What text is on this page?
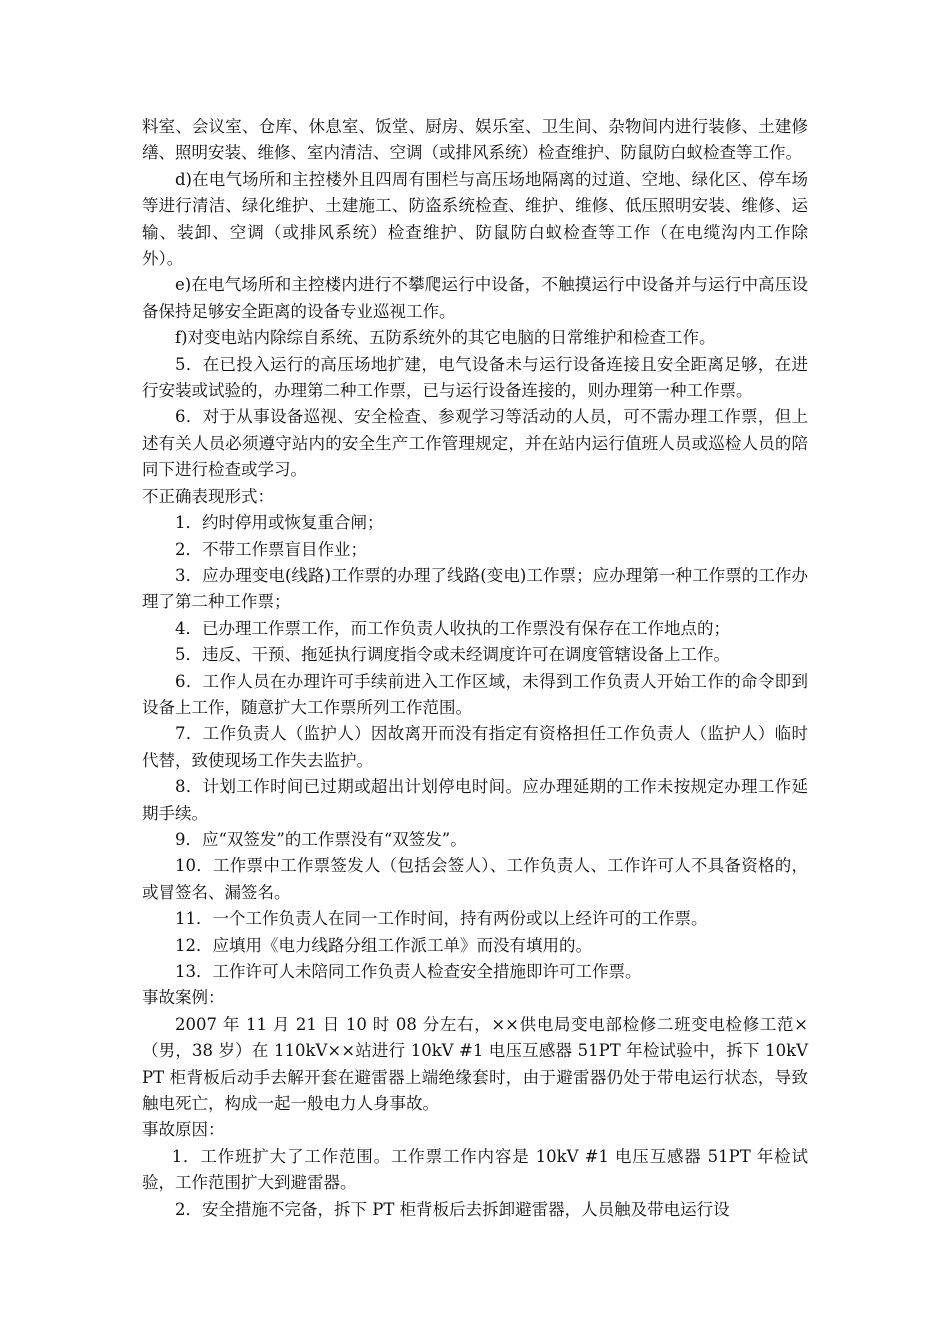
料室、会议室、仓库、休息室、饭堂、厨房、娱乐室、卫生间、杂物间内进行装修、土建修缮、照明安装、维修、室内清洁、空调（或排风系统）检查维护、防鼠防白蚁检查等工作。

d)在电气场所和主控楼外且四周有围栏与高压场地隔离的过道、空地、绿化区、停车场等进行清洁、绿化维护、土建施工、防盗系统检查、维护、维修、低压照明安装、维修、运输、装卸、空调（或排风系统）检查维护、防鼠防白蚁检查等工作（在电缆沟内工作除外）。

e)在电气场所和主控楼内进行不攀爬运行中设备，不触摸运行中设备并与运行中高压设备保持足够安全距离的设备专业巡视工作。

f)对变电站内除综自系统、五防系统外的其它电脑的日常维护和检查工作。

5．在已投入运行的高压场地扩建，电气设备未与运行设备连接且安全距离足够，在进行安装或试验的，办理第二种工作票，已与运行设备连接的，则办理第一种工作票。

6．对于从事设备巡视、安全检查、参观学习等活动的人员，可不需办理工作票，但上述有关人员必须遵守站内的安全生产工作管理规定，并在站内运行值班人员或巡检人员的陪同下进行检查或学习。

不正确表现形式：

1．约时停用或恢复重合闸；

2．不带工作票盲目作业；

3．应办理变电(线路)工作票的办理了线路(变电)工作票；应办理第一种工作票的工作办理了第二种工作票；

4．已办理工作票工作，而工作负责人收执的工作票没有保存在工作地点的；

5．违反、干预、拖延执行调度指令或未经调度许可在调度管辖设备上工作。

6．工作人员在办理许可手续前进入工作区域，未得到工作负责人开始工作的命令即到设备上工作，随意扩大工作票所列工作范围。

7．工作负责人（监护人）因故离开而没有指定有资格担任工作负责人（监护人）临时代替，致使现场工作失去监护。

8．计划工作时间已过期或超出计划停电时间。应办理延期的工作未按规定办理工作延期手续。

9．应“双签发”的工作票没有“双签发”。

10．工作票中工作票签发人（包括会签人）、工作负责人、工作许可人不具备资格的，或冒签名、漏签名。

11．一个工作负责人在同一工作时间，持有两份或以上经许可的工作票。

12．应填用《电力线路分组工作派工单》而没有填用的。

13．工作许可人未陪同工作负责人检查安全措施即许可工作票。

事故案例：

2007 年 11 月 21 日 10 时 08 分左右，××供电局变电部检修二班变电检修工范×（男，38 岁）在 110kV××站进行 10kV #1 电压互感器 51PT 年检试验中，拆下 10kV PT 柜背板后动手去解开套在避雷器上端绝缘套时，由于避雷器仍处于带电运行状态，导致触电死亡，构成一起一般电力人身事故。

事故原因：

1．工作班扩大了工作范围。工作票工作内容是 10kV #1 电压互感器 51PT 年检试验，工作范围扩大到避雷器。

2．安全措施不完备，拆下 PT 柜背板后去拆卸避雷器，人员触及带电运行设
